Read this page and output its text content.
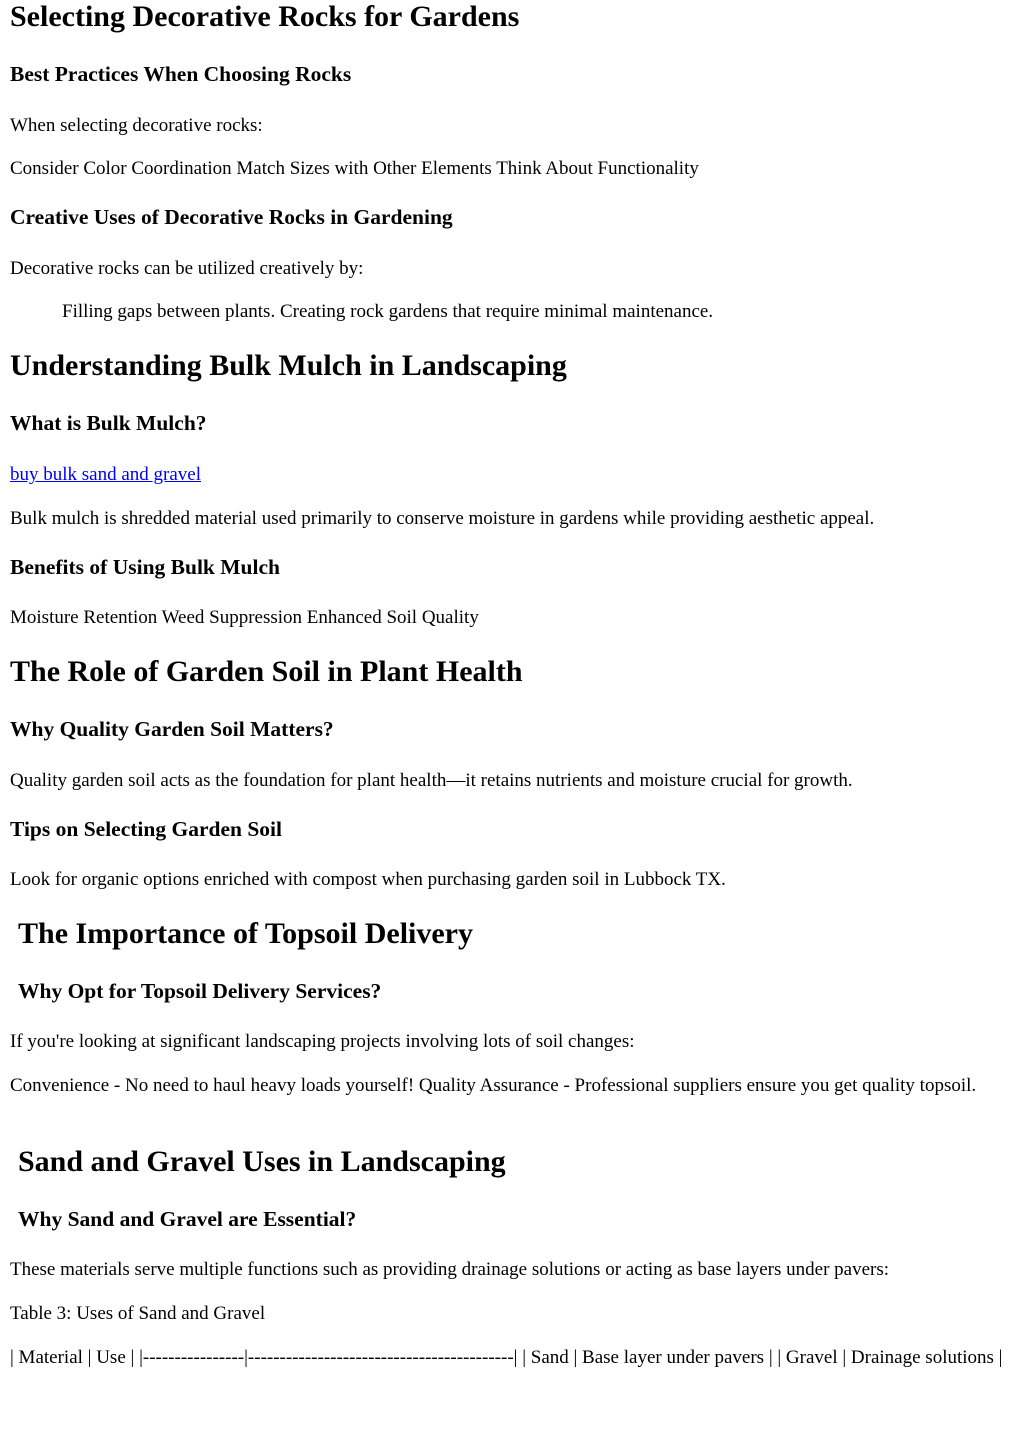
Selecting Decorative Rocks for Gardens
Best Practices When Choosing Rocks

When selecting decorative rocks:

Consider Color Coordination Match Sizes with Other Elements Think About Functionality

Creative Uses of Decorative Rocks in Gardening

Decorative rocks can be utilized creatively by:

Filling gaps between plants. Creating rock gardens that require minimal maintenance.

Understanding Bulk Mulch in Landscaping
What is Bulk Mulch?

buy bulk sand and gravel

Bulk mulch is shredded material used primarily to conserve moisture in gardens while providing aesthetic appeal.

Benefits of Using Bulk Mulch

Moisture Retention Weed Suppression Enhanced Soil Quality

The Role of Garden Soil in Plant Health
Why Quality Garden Soil Matters?

Quality garden soil acts as the foundation for plant health—it retains nutrients and moisture crucial for growth.

Tips on Selecting Garden Soil

Look for organic options enriched with compost when purchasing garden soil in Lubbock TX.

The Importance of Topsoil Delivery
Why Opt for Topsoil Delivery Services?

If you're looking at significant landscaping projects involving lots of soil changes:

Convenience - No need to haul heavy loads yourself! Quality Assurance - Professional suppliers ensure you get quality topsoil.

Sand and Gravel Uses in Landscaping
Why Sand and Gravel are Essential?

These materials serve multiple functions such as providing drainage solutions or acting as base layers under pavers:

Table 3: Uses of Sand and Gravel

| Material | Use | |----------------|------------------------------------------| | Sand | Base layer under pavers | | Gravel | Drainage solutions |
